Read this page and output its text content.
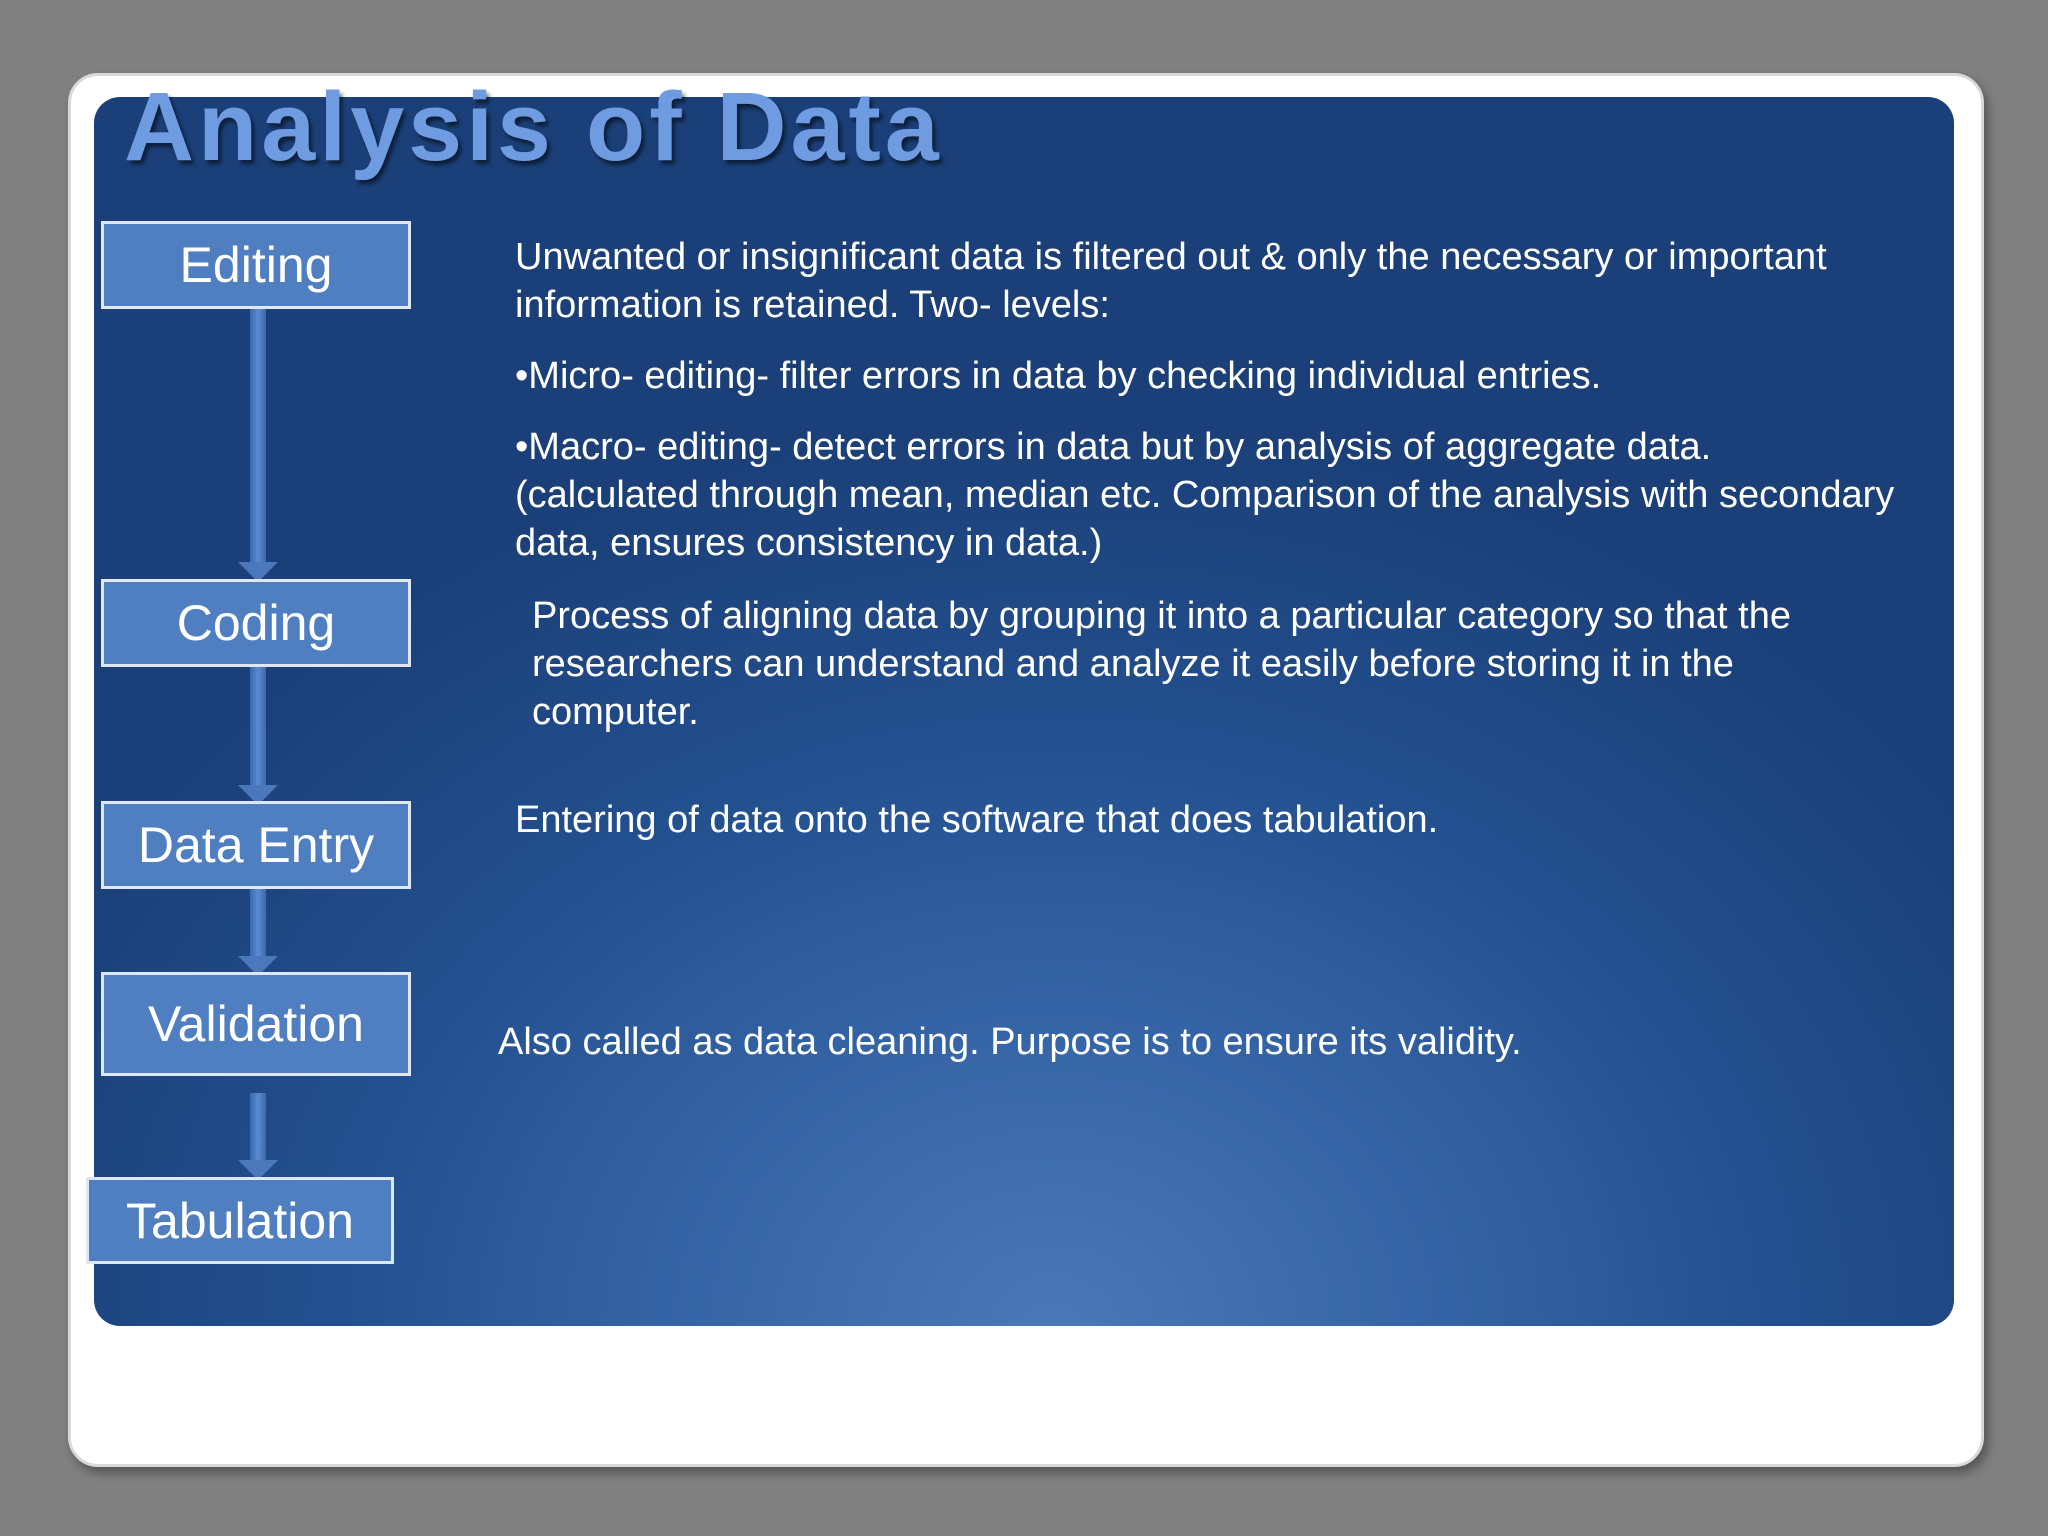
Analysis of Data
Editing
Coding
Data Entry
Validation
Tabulation

Unwanted or insignificant data is filtered out & only the necessary or important information is retained. Two- levels:

•Micro- editing- filter errors in data by checking individual entries.

•Macro- editing- detect errors in data but by analysis of aggregate data. (calculated through mean, median etc. Comparison of the analysis with secondary data, ensures consistency in data.)

Process of aligning data by grouping it into a particular category so that the researchers can understand and analyze it easily before storing it in the computer.

Entering of data onto the software that does tabulation.

Also called as data cleaning. Purpose is to ensure its validity.
